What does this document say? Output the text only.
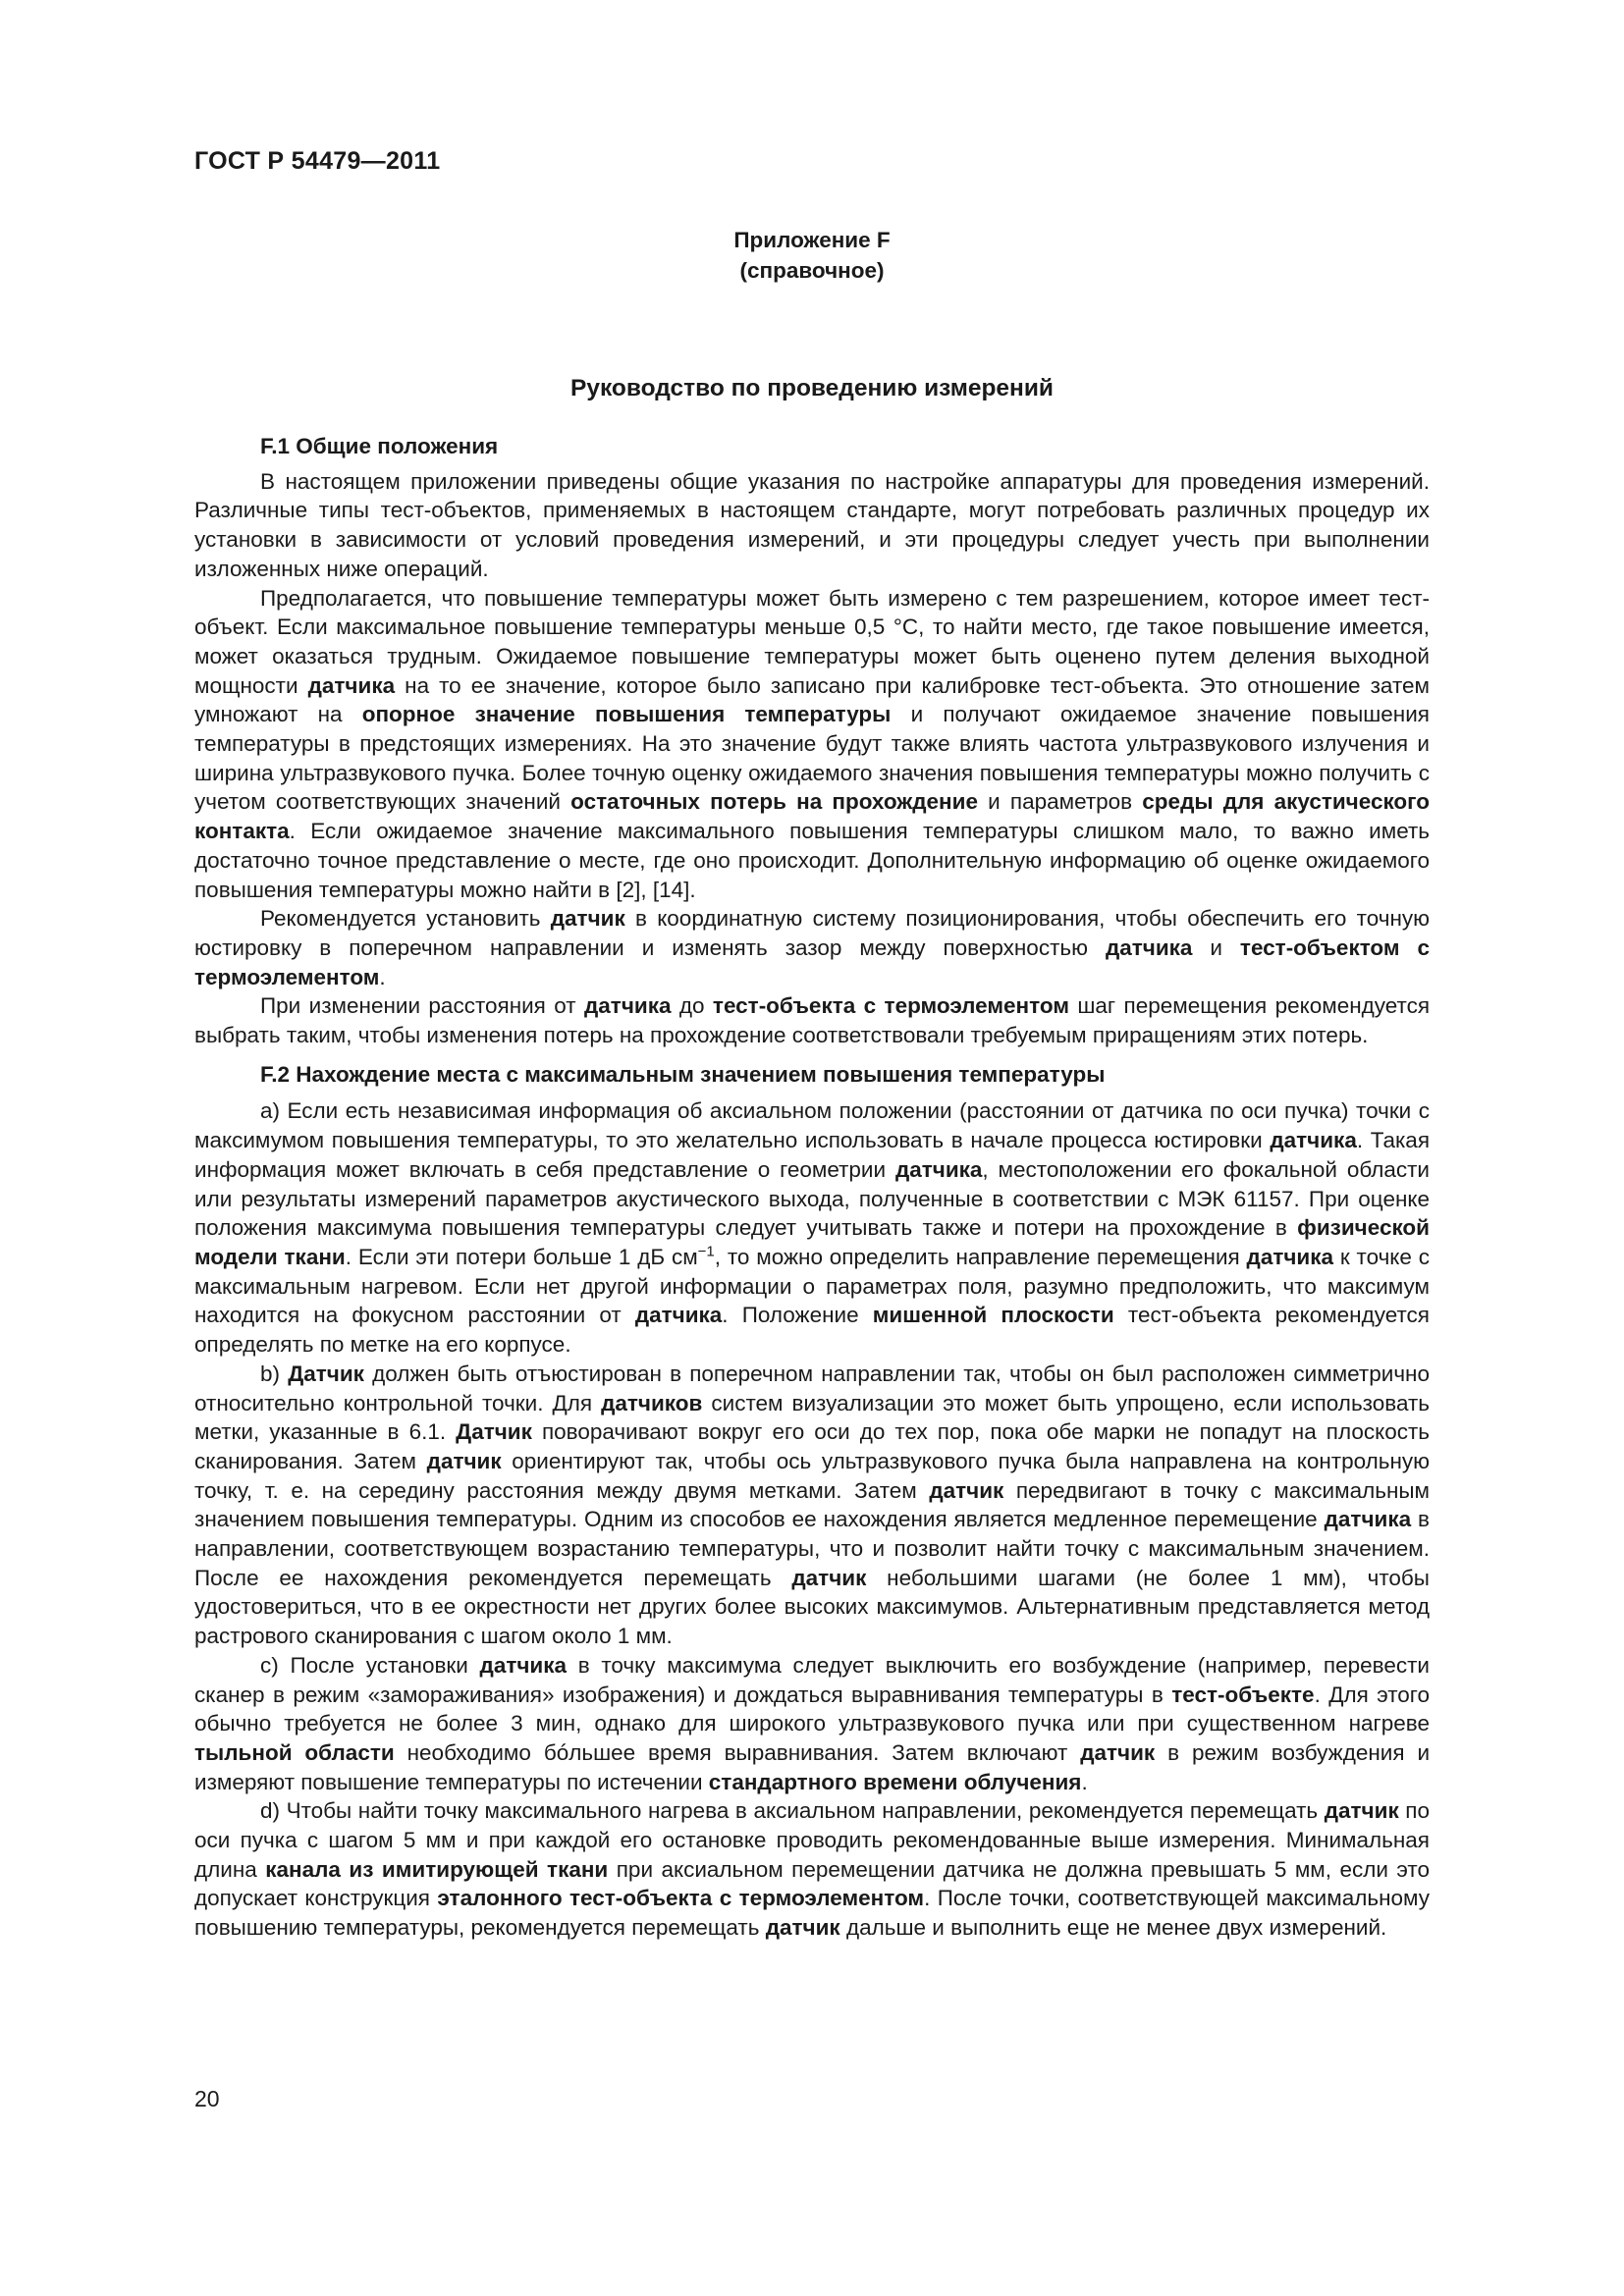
ГОСТ Р 54479—2011
Приложение F
(справочное)
Руководство по проведению измерений

F.1 Общие положения

В настоящем приложении приведены общие указания по настройке аппаратуры для проведения измерений. Различные типы тест-объектов, применяемых в настоящем стандарте, могут потребовать различных процедур их установки в зависимости от условий проведения измерений, и эти процедуры следует учесть при выполнении изложенных ниже операций.

Предполагается, что повышение температуры может быть измерено с тем разрешением, которое имеет тест-объект. Если максимальное повышение температуры меньше 0,5 °С, то найти место, где такое повышение имеется, может оказаться трудным. Ожидаемое повышение температуры может быть оценено путем деления выходной мощности датчика на то ее значение, которое было записано при калибровке тест-объекта. Это отношение затем умножают на опорное значение повышения температуры и получают ожидаемое значение повышения температуры в предстоящих измерениях. На это значение будут также влиять частота ультразвукового излучения и ширина ультразвукового пучка. Более точную оценку ожидаемого значения повышения температуры можно получить с учетом соответствующих значений остаточных потерь на прохождение и параметров среды для акустического контакта. Если ожидаемое значение максимального повышения температуры слишком мало, то важно иметь достаточно точное представление о месте, где оно происходит. Дополнительную информацию об оценке ожидаемого повышения температуры можно найти в [2], [14].

Рекомендуется установить датчик в координатную систему позиционирования, чтобы обеспечить его точную юстировку в поперечном направлении и изменять зазор между поверхностью датчика и тест-объектом с термоэлементом.

При изменении расстояния от датчика до тест-объекта с термоэлементом шаг перемещения рекомендуется выбрать таким, чтобы изменения потерь на прохождение соответствовали требуемым приращениям этих потерь.

F.2 Нахождение места с максимальным значением повышения температуры

а) Если есть независимая информация об аксиальном положении (расстоянии от датчика по оси пучка) точки с максимумом повышения температуры, то это желательно использовать в начале процесса юстировки датчика. Такая информация может включать в себя представление о геометрии датчика, местоположении его фокальной области или результаты измерений параметров акустического выхода, полученные в соответствии с МЭК 61157. При оценке положения максимума повышения температуры следует учитывать также и потери на прохождение в физической модели ткани. Если эти потери больше 1 дБ $см^{-1}$, то можно определить направление перемещения датчика к точке с максимальным нагревом. Если нет другой информации о параметрах поля, разумно предположить, что максимум находится на фокусном расстоянии от датчика. Положение мишенной плоскости тест-объекта рекомендуется определять по метке на его корпусе.

b) Датчик должен быть отъюстирован в поперечном направлении так, чтобы он был расположен симметрично относительно контрольной точки. Для датчиков систем визуализации это может быть упрощено, если использовать метки, указанные в 6.1. Датчик поворачивают вокруг его оси до тех пор, пока обе марки не попадут на плоскость сканирования. Затем датчик ориентируют так, чтобы ось ультразвукового пучка была направлена на контрольную точку, т. е. на середину расстояния между двумя метками. Затем датчик передвигают в точку с максимальным значением повышения температуры. Одним из способов ее нахождения является медленное перемещение датчика в направлении, соответствующем возрастанию температуры, что и позволит найти точку с максимальным значением. После ее нахождения рекомендуется перемещать датчик небольшими шагами (не более 1 мм), чтобы удостовериться, что в ее окрестности нет других более высоких максимумов. Альтернативным представляется метод растрового сканирования с шагом около 1 мм.

с) После установки датчика в точку максимума следует выключить его возбуждение (например, перевести сканер в режим «замораживания» изображения) и дождаться выравнивания температуры в тест-объекте. Для этого обычно требуется не более 3 мин, однако для широкого ультразвукового пучка или при существенном нагреве тыльной области необходимо бóльшее время выравнивания. Затем включают датчик в режим возбуждения и измеряют повышение температуры по истечении стандартного времени облучения.

d) Чтобы найти точку максимального нагрева в аксиальном направлении, рекомендуется перемещать датчик по оси пучка с шагом 5 мм и при каждой его остановке проводить рекомендованные выше измерения. Минимальная длина канала из имитирующей ткани при аксиальном перемещении датчика не должна превышать 5 мм, если это допускает конструкция эталонного тест-объекта с термоэлементом. После точки, соответствующей максимальному повышению температуры, рекомендуется перемещать датчик дальше и выполнить еще не менее двух измерений.

20
